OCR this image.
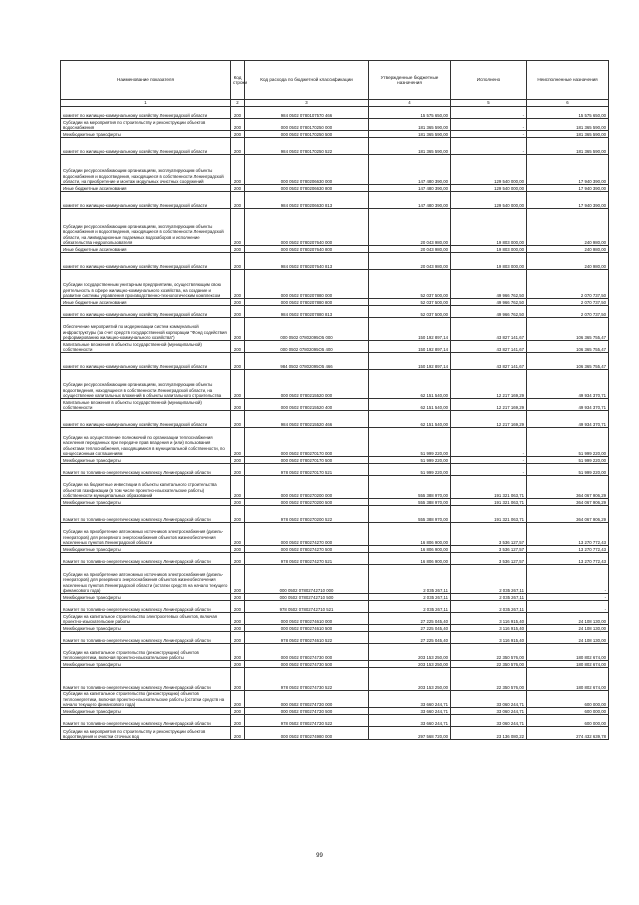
Наименование показателя	Код строки	Код расхода по бюджетной классификации	Утвержденные бюджетные назначения	Исполнено	Неисполненные назначения
1	2	3	4	5	6
комитет по жилищно-коммунальному хозяйству Ленинградской области	200	984 0502 0780107570 466	15 575 650,00	-	15 575 650,00
Субсидии на мероприятия по строительству и реконструкции объектов водоснабжения	200	000 0502 0780170250 000	181 365 590,00	-	181 365 590,00
Межбюджетные трансферты	200	000 0502 0780170250 500	181 365 590,00	-	181 365 590,00
комитет по жилищно-коммунальному хозяйству Ленинградской области	200	984 0502 0780170250 522	181 365 590,00	-	181 365 590,00
Субсидии ресурсоснабжающим организациям, эксплуатирующим объекты водоснабжения и водоотведения, находящиеся в собственности Ленинградской области, на приобретение и монтаж модульных очистных сооружений	200	000 0502 0780206630 000	147 480 390,00	129 540 000,00	17 940 390,00
Иные бюджетные ассигнования	200	000 0502 0780206630 800	147 480 390,00	129 540 000,00	17 940 390,00
комитет по жилищно-коммунальному хозяйству Ленинградской области	200	984 0502 0780206630 813	147 480 390,00	129 540 000,00	17 940 390,00
Субсидии ресурсоснабжающим организациям, эксплуатирующим объекты водоснабжения и водоотведения, находящиеся в собственности Ленинградской области, на ликвидационные подземных водозаборов и исполнение обязательства недропользователя	200	000 0502 0780207640 000	20 043 980,00	19 803 000,00	240 980,00
Иные бюджетные ассигнования	200	000 0502 0780207640 800	20 043 980,00	19 803 000,00	240 980,00
комитет по жилищно-коммунальному хозяйству Ленинградской области	200	984 0502 0780207640 813	20 043 980,00	19 803 000,00	240 980,00
Субсидии государственным унитарным предприятиям, осуществляющим свою деятельность в сфере жилищно-коммунального хозяйства, на создание и развитие системы управления производственно-технологическим комплексом	200	000 0502 0780207880 000	52 037 500,00	49 966 762,50	2 070 737,50
Иные бюджетные ассигнования	200	000 0502 0780207880 800	52 037 500,00	49 966 762,50	2 070 737,50
комитет по жилищно-коммунальному хозяйству Ленинградской области	200	984 0502 0780207880 813	52 037 500,00	49 966 762,50	2 070 737,50
Обеспечение мероприятий по модернизации систем коммунальной инфраструктуры (за счет средств государственной корпорации "Фонд содействия реформированию жилищно-коммунального хозяйства")	200	000 0502 07802095O5 000	150 192 897,14	43 827 141,67	106 365 755,47
Капитальные вложения в объекты государственной (муниципальной) собственности	200	000 0502 07802095O5 400	150 192 897,14	43 827 141,67	106 365 755,47
комитет по жилищно-коммунальному хозяйству Ленинградской области	200	984 0502 07802095O5 466	150 192 897,14	43 827 141,67	106 365 755,47
Субсидии ресурсоснабжающим организациям, эксплуатирующим объекты водоотведения, находящиеся в собственности Ленинградской области, на осуществление капитальных вложений в объекты капитального строительства	200	000 0502 0780215520 000	62 151 540,00	12 217 169,29	49 934 370,71
Капитальные вложения в объекты государственной (муниципальной) собственности	200	000 0502 0780215520 400	62 151 540,00	12 217 169,29	49 934 370,71
комитет по жилищно-коммунальному хозяйству Ленинградской области	200	984 0502 0780215520 466	62 151 540,00	12 217 169,29	49 934 370,71
Субсидии на осуществление полномочий по организации теплоснабжения населения переданных при передаче прав владения и (или) пользования объектами теплоснабжения, находящимися в муниципальной собственности, по концессионным соглашениям	200	000 0502 0780270170 000	51 999 220,00	-	51 999 220,00
Межбюджетные трансферты	200	000 0502 0780270170 500	51 999 220,00	-	51 999 220,00
Комитет по топливно-энергетическому комплексу Ленинградской области	200	978 0502 0780270170 521	51 999 220,00	-	51 999 220,00
Субсидии на бюджетные инвестиции в объекты капитального строительства объектов газификации (в том числе проектно-изыскательские работы) собственности муниципальных образований	200	000 0502 0780270200 000	555 388 970,00	191 321 063,71	364 067 906,29
Межбюджетные трансферты	200	000 0502 0780270200 500	555 388 970,00	191 321 063,71	364 067 906,29
Комитет по топливно-энергетическому комплексу Ленинградской области	200	978 0502 0780270200 522	555 388 970,00	191 321 063,71	364 067 906,29
Субсидии на приобретение автономных источников электроснабжения (дизель-генераторов) для резервного энергоснабжения объектов жизнеобеспечения населенных пунктов Ленинградской области	200	000 0502 0780274270 000	16 806 900,00	3 536 127,57	13 270 772,43
Межбюджетные трансферты	200	000 0502 0780274270 500	16 806 900,00	3 536 127,57	13 270 772,43
Комитет по топливно-энергетическому комплексу Ленинградской области	200	978 0502 0780274270 521	16 806 900,00	3 536 127,57	13 270 772,43
Субсидии на приобретение автономных источников электроснабжения (дизель-генераторов) для резервного энергоснабжения объектов жизнеобеспечения населенных пунктов Ленинградской области (остатки средств на начало текущего финансового года)	200	000 0502 07802742710 000	2 035 267,11	2 035 267,11	-
Межбюджетные трансферты	200	000 0502 07802742710 500	2 035 267,11	2 035 267,11	-
Комитет по топливно-энергетическому комплексу Ленинградской области	200	978 0502 07802742710 521	2 035 267,11	2 035 267,11	-
Субсидии на капитальное строительство электросетевых объектов, включая проектно-изыскательские работы	200	000 0502 0780274610 000	27 225 045,40	3 116 915,40	24 108 130,00
Межбюджетные трансферты	200	000 0502 0780274610 500	27 225 045,40	3 116 915,40	24 108 130,00
Комитет по топливно-энергетическому комплексу Ленинградской области	200	978 0502 0780274610 522	27 225 045,40	3 116 915,40	24 108 130,00
Субсидии на капитальное строительство (реконструкцию) объектов теплоэнергетики, включая проектно-изыскательские работы	200	000 0502 0780274730 000	203 153 250,00	22 350 576,00	180 802 674,00
Межбюджетные трансферты	200	000 0502 0780274730 500	203 153 250,00	22 350 576,00	180 802 674,00
Комитет по топливно-энергетическому комплексу Ленинградской области	200	978 0502 0780274730 522	203 153 250,00	22 350 576,00	180 802 674,00
Субсидии на капитальное строительство (реконструкцию) объектов теплоэнергетики, включая проектно-изыскательские работы (остатки средств на начало текущего финансового года)	200	000 0502 07802747З0 000	33 660 244,71	33 060 244,71	600 000,00
Межбюджетные трансферты	200	000 0502 07802747З0 500	33 660 244,71	33 060 244,71	600 000,00
Комитет по топливно-энергетическому комплексу Ленинградской области	200	978 0502 07802747З0 522	33 660 244,71	33 060 244,71	600 000,00
Субсидии на мероприятия по строительству и реконструкции объектов водоотведения и очистки сточных вод	200	000 0502 0780274980 000	297 568 720,00	23 136 080,22	274 432 639,78
99
